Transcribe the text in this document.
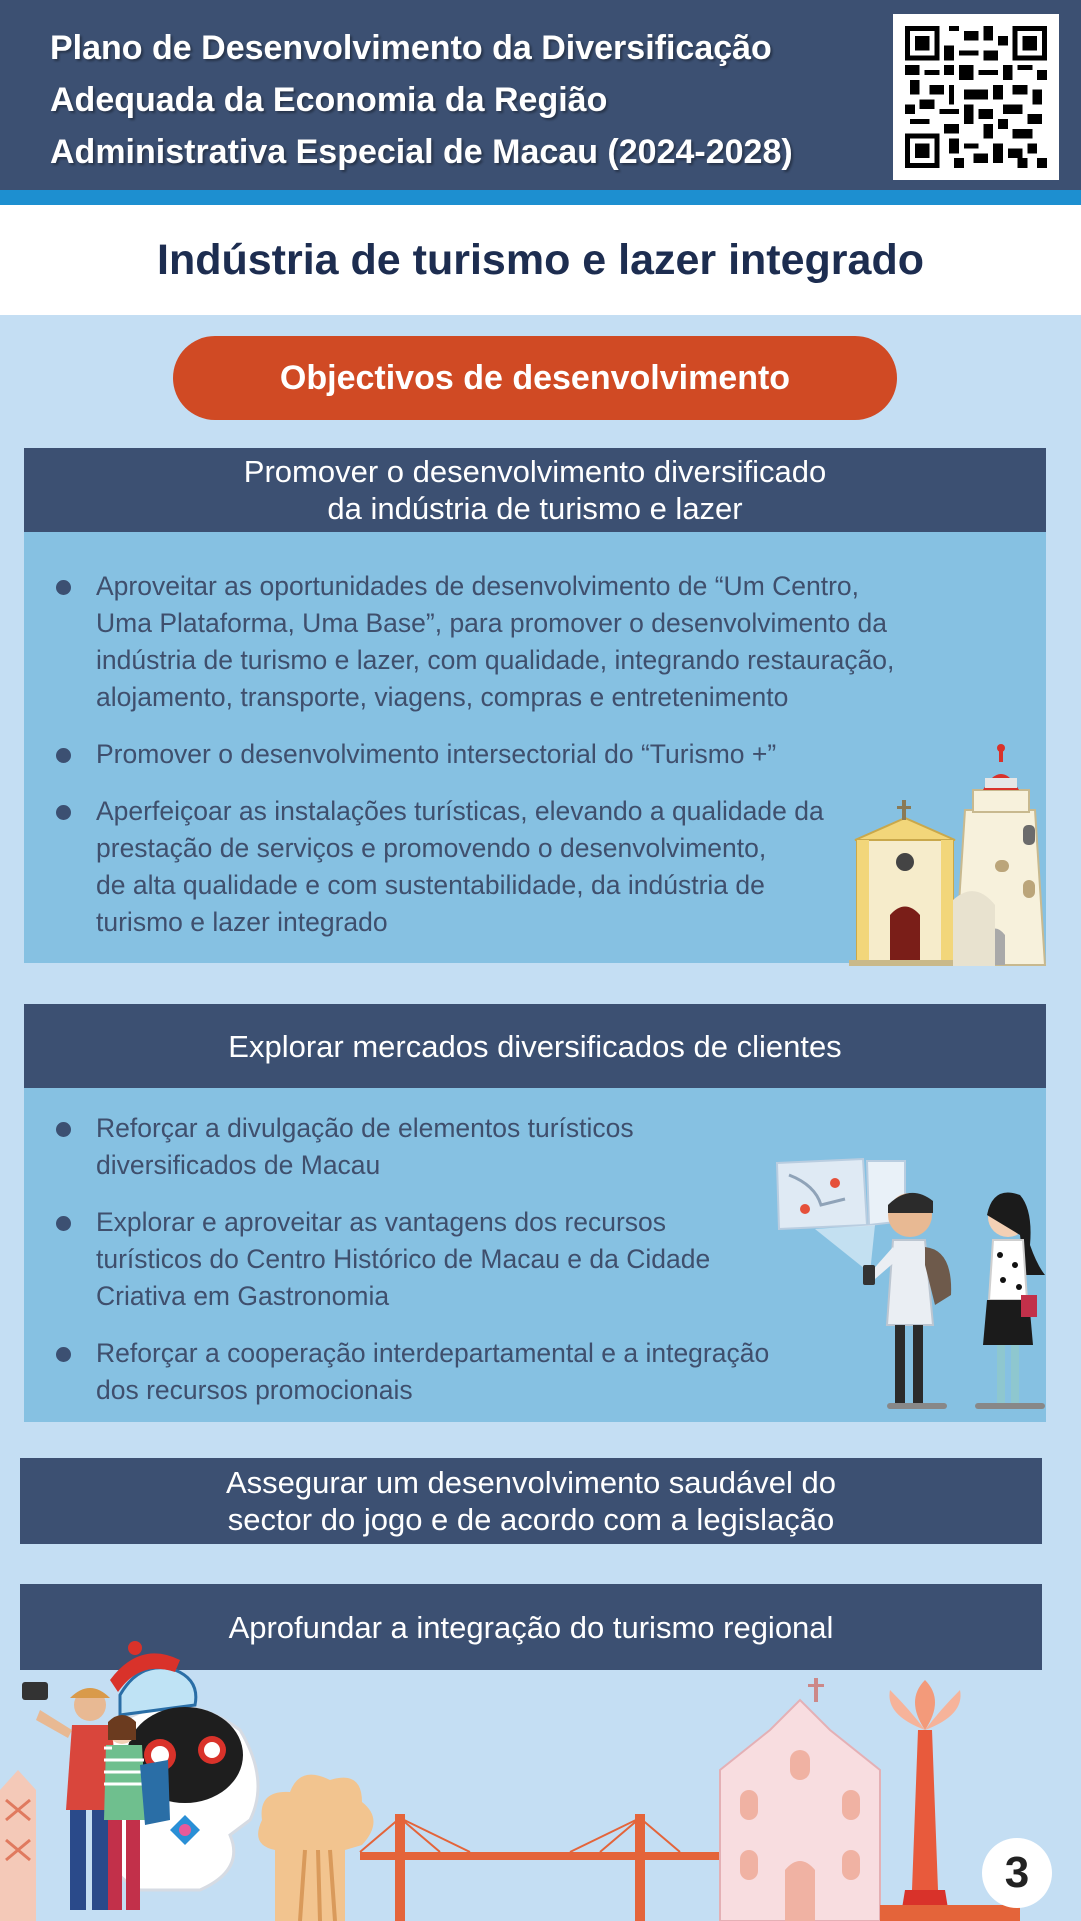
Plano de Desenvolvimento da Diversificação
Adequada da Economia da Região
Administrativa Especial de Macau (2024-2028)
Indústria de turismo e lazer integrado
Objectivos de desenvolvimento
Promover o desenvolvimento diversificado
da indústria de turismo e lazer
Aproveitar as oportunidades de desenvolvimento de “Um Centro,
Uma Plataforma, Uma Base”, para promover o desenvolvimento da
indústria de turismo e lazer, com qualidade, integrando restauração,
alojamento, transporte, viagens, compras e entretenimento
Promover o desenvolvimento intersectorial do “Turismo +”
Aperfeiçoar as instalações turísticas, elevando a qualidade da
prestação de serviços e promovendo o desenvolvimento,
de alta qualidade e com sustentabilidade, da indústria de
turismo e lazer integrado
Explorar mercados diversificados de clientes
Reforçar a divulgação de elementos turísticos
diversificados de Macau
Explorar e aproveitar as vantagens dos recursos
turísticos do Centro Histórico de Macau e da Cidade
Criativa em Gastronomia
Reforçar a cooperação interdepartamental e a integração
dos recursos promocionais
Assegurar um desenvolvimento saudável do
sector do jogo e de acordo com a legislação
Aprofundar a integração do turismo regional
3
